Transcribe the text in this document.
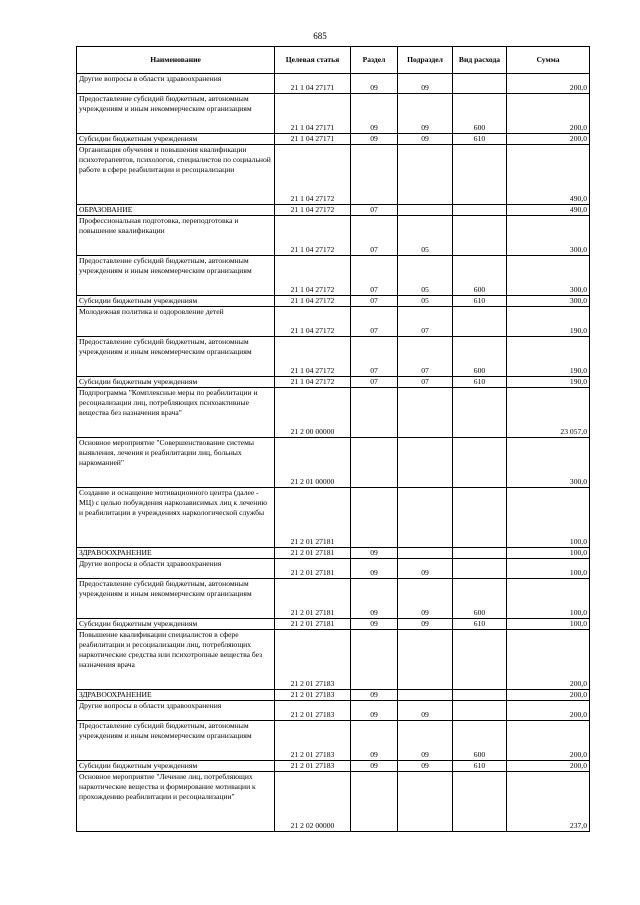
685
Наименование	Целевая статья	Раздел	Подраздел	Вид расхода	Сумма
Другие вопросы в области здравоохранения	21 1 04 27171	09	09		200,0
Предоставление субсидий бюджетным, автономным учреждениям и иным некоммерческим организациям	21 1 04 27171	09	09	600	200,0
Субсидии бюджетным учреждениям	21 1 04 27171	09	09	610	200,0
Организация обучения и повышения квалификации психотерапевтов, психологов, специалистов по социальной работе в сфере реабилитации и ресоциализации	21 1 04 27172				490,0
ОБРАЗОВАНИЕ	21 1 04 27172	07			490,0
Профессиональная подготовка, переподготовка и повышение квалификации	21 1 04 27172	07	05		300,0
Предоставление субсидий бюджетным, автономным учреждениям и иным некоммерческим организациям	21 1 04 27172	07	05	600	300,0
Субсидии бюджетным учреждениям	21 1 04 27172	07	05	610	300,0
Молодежная политика и оздоровление детей	21 1 04 27172	07	07		190,0
Предоставление субсидий бюджетным, автономным учреждениям и иным некоммерческим организациям	21 1 04 27172	07	07	600	190,0
Субсидии бюджетным учреждениям	21 1 04 27172	07	07	610	190,0
Подпрограмма "Комплексные меры по реабилитации и ресоциализации лиц, потребляющих психоактивные вещества без назначения врача"	21 2 00 00000				23 057,0
Основное мероприятие "Совершенствование системы выявления, лечения и реабилитации лиц, больных наркоманией"	21 2 01 00000				300,0
Создание и оснащение мотивационного центра (далее - МЦ) с целью побуждения наркозависимых лиц к лечению и реабилитации в учреждениях наркологической службы	21 2 01 27181				100,0
ЗДРАВООХРАНЕНИЕ	21 2 01 27181	09			100,0
Другие вопросы в области здравоохранения	21 2 01 27181	09	09		100,0
Предоставление субсидий бюджетным, автономным учреждениям и иным некоммерческим организациям	21 2 01 27181	09	09	600	100,0
Субсидии бюджетным учреждениям	21 2 01 27181	09	09	610	100,0
Повышение квалификации специалистов в сфере реабилитации и ресоциализации лиц, потребляющих наркотические средства или психотропные вещества без назначения врача	21 2 01 27183				200,0
ЗДРАВООХРАНЕНИЕ	21 2 01 27183	09			200,0
Другие вопросы в области здравоохранения	21 2 01 27183	09	09		200,0
Предоставление субсидий бюджетным, автономным учреждениям и иным некоммерческим организациям	21 2 01 27183	09	09	600	200,0
Субсидии бюджетным учреждениям	21 2 01 27183	09	09	610	200,0
Основное мероприятие "Лечение лиц, потребляющих наркотические вещества и формирование мотивации к прохождению реабилитации и ресоциализации"	21 2 02 00000				237,0
